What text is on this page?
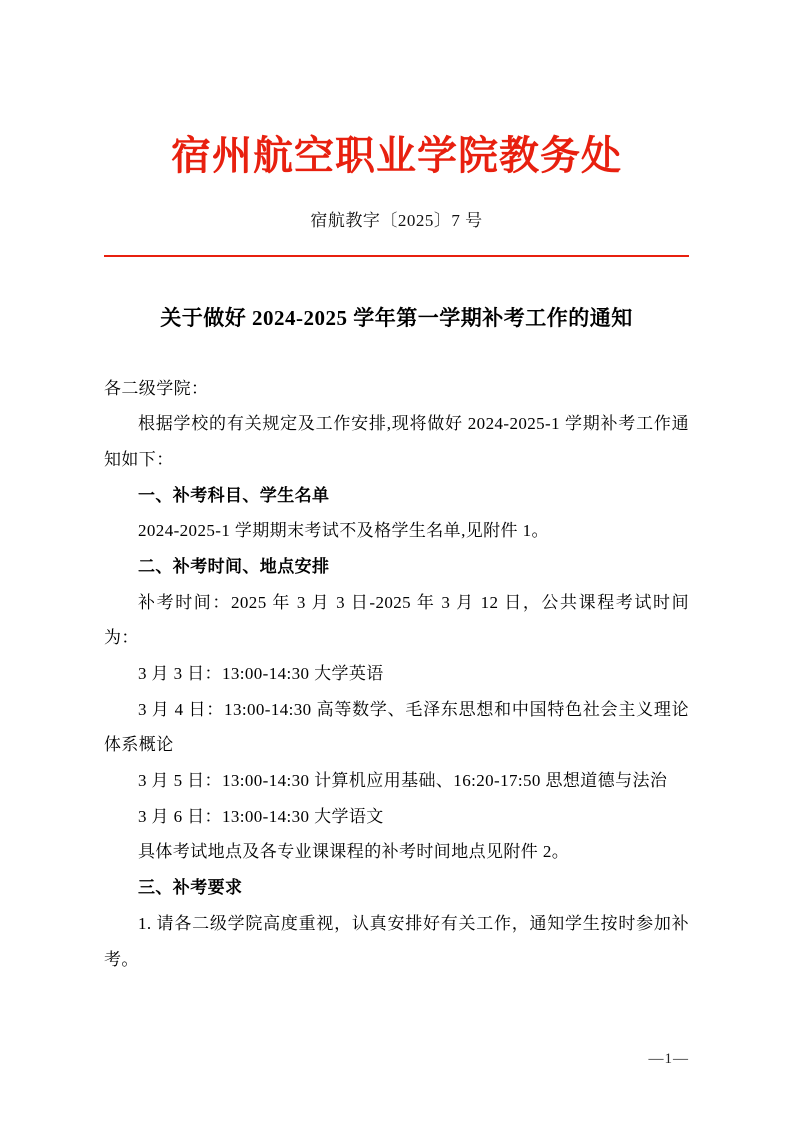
宿州航空职业学院教务处
宿航教字〔2025〕7 号
关于做好 2024-2025 学年第一学期补考工作的通知

各二级学院：

根据学校的有关规定及工作安排,现将做好 2024-2025-1 学期补考工作通知如下：

一、补考科目、学生名单

2024-2025-1 学期期末考试不及格学生名单,见附件 1。

二、补考时间、地点安排

补考时间：2025 年 3 月 3 日-2025 年 3 月 12 日，公共课程考试时间为：

3 月 3 日：13:00-14:30 大学英语

3 月 4 日：13:00-14:30 高等数学、毛泽东思想和中国特色社会主义理论体系概论

3 月 5 日：13:00-14:30 计算机应用基础、16:20-17:50 思想道德与法治

3 月 6 日：13:00-14:30 大学语文

具体考试地点及各专业课课程的补考时间地点见附件 2。

三、补考要求

1. 请各二级学院高度重视，认真安排好有关工作，通知学生按时参加补考。

—1—
